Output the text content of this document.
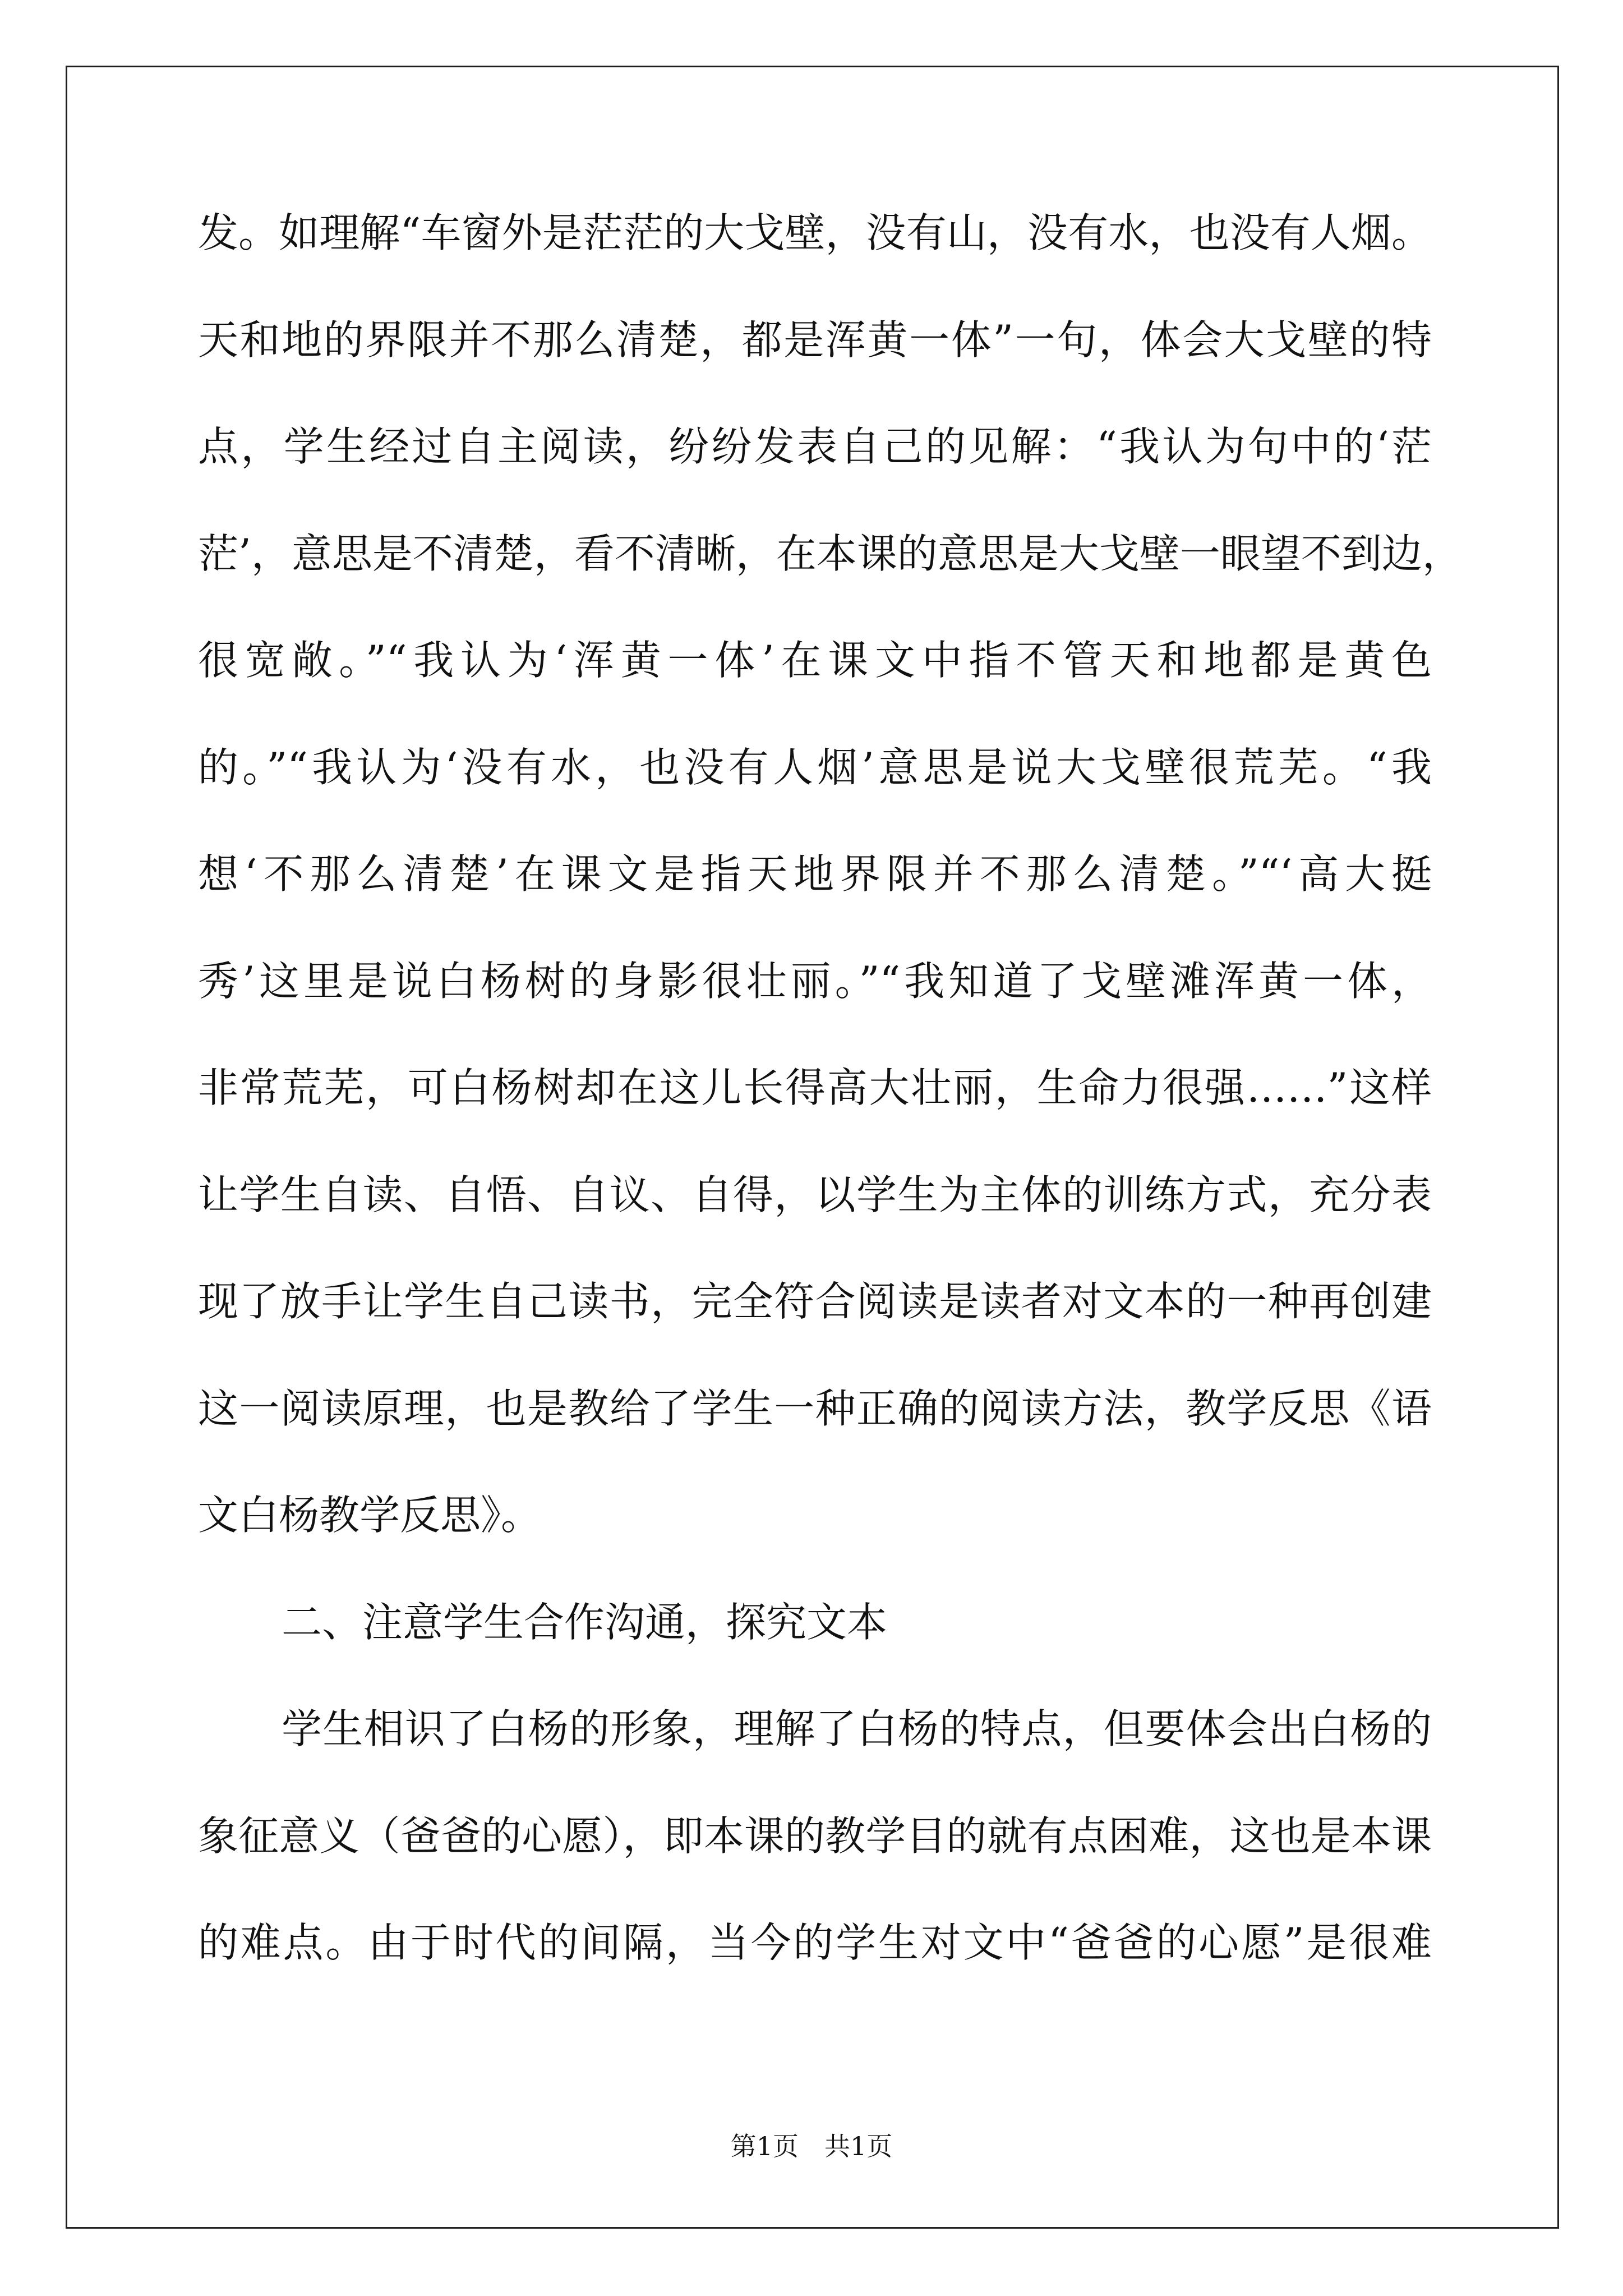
发。如理解“车窗外是茫茫的大戈壁，没有山，没有水，也没有人烟。
天和地的界限并不那么清楚，都是浑黄一体”一句，体会大戈壁的特
点，学生经过自主阅读，纷纷发表自己的见解：“我认为句中的‘茫
茫’，意思是不清楚，看不清晰，在本课的意思是大戈壁一眼望不到边，
很宽敞。”“我认为‘浑黄一体’在课文中指不管天和地都是黄色
的。”“我认为‘没有水，也没有人烟’意思是说大戈壁很荒芜。“我
想‘不那么清楚’在课文是指天地界限并不那么清楚。”“‘高大挺
秀’这里是说白杨树的身影很壮丽。”“我知道了戈壁滩浑黄一体，
非常荒芜，可白杨树却在这儿长得高大壮丽，生命力很强……”这样
让学生自读、自悟、自议、自得，以学生为主体的训练方式，充分表
现了放手让学生自己读书，完全符合阅读是读者对文本的一种再创建
这一阅读原理，也是教给了学生一种正确的阅读方法，教学反思《语
文白杨教学反思》。
二、注意学生合作沟通，探究文本
学生相识了白杨的形象，理解了白杨的特点，但要体会出白杨的
象征意义（爸爸的心愿），即本课的教学目的就有点困难，这也是本课
的难点。由于时代的间隔，当今的学生对文中“爸爸的心愿”是很难
第1页　共1页
